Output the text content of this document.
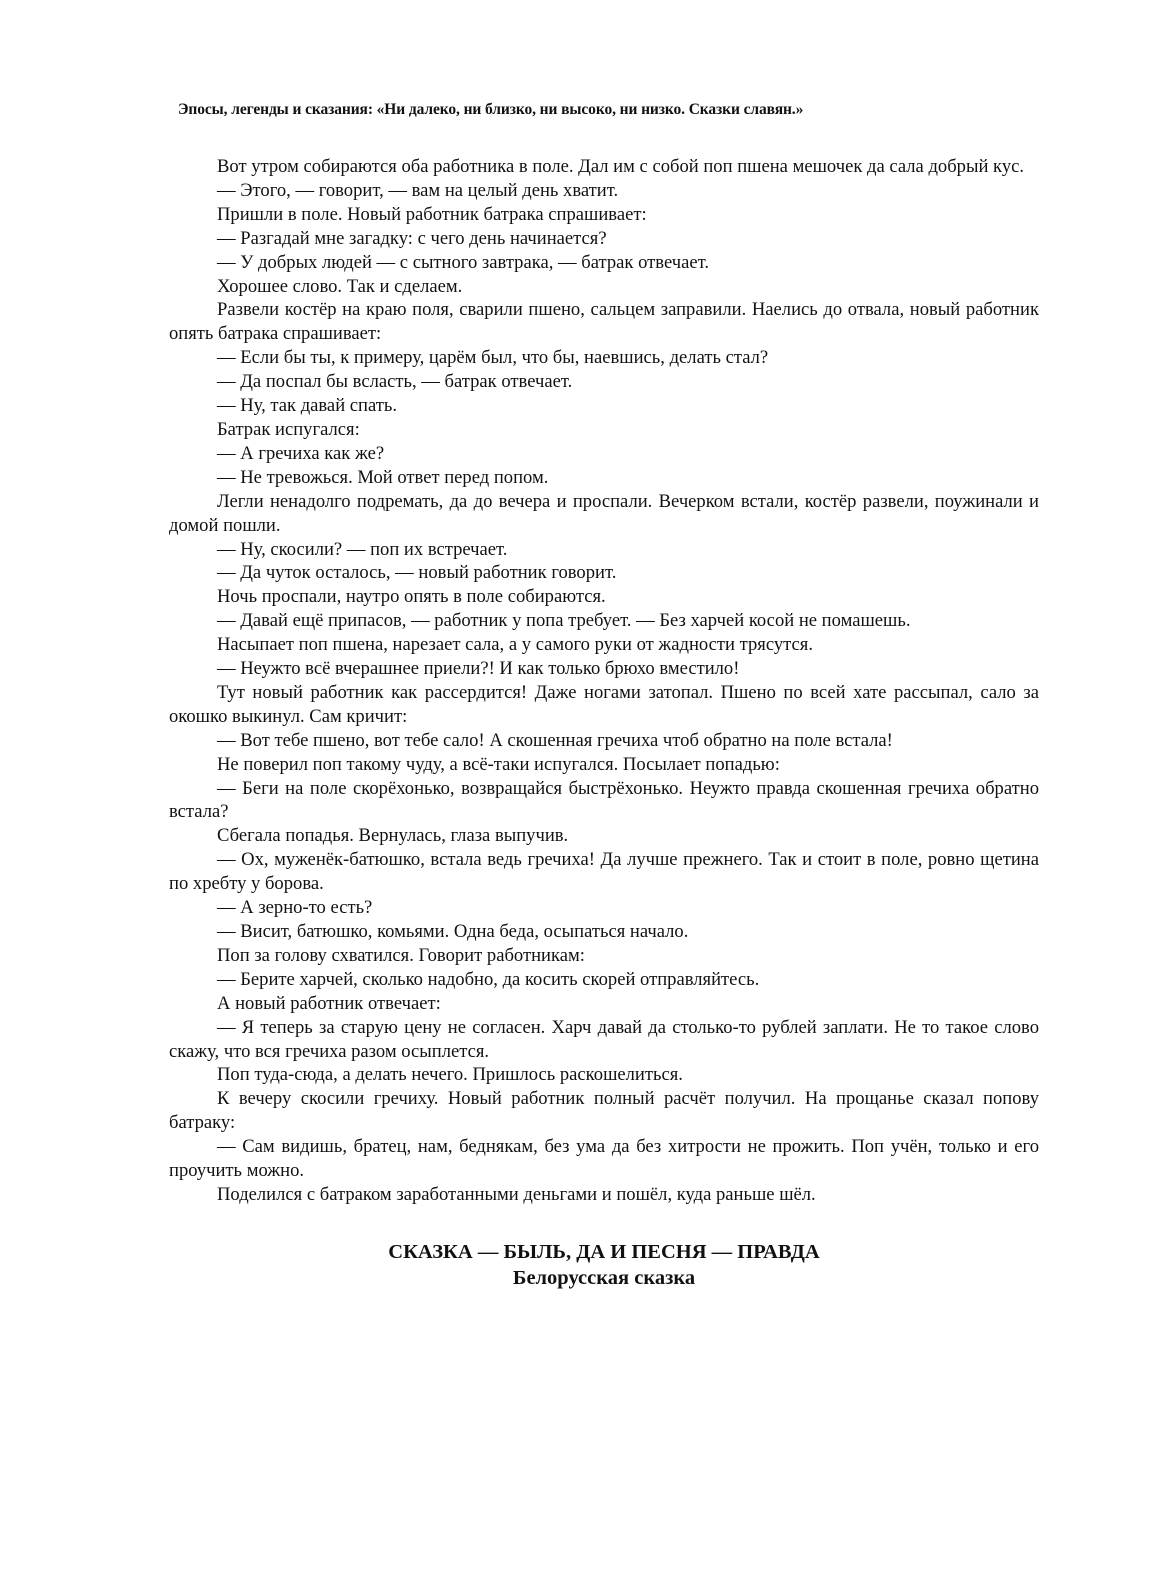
Эпосы, легенды и сказания: «Ни далеко, ни близко, ни высоко, ни низко. Сказки славян.»

Вот утром собираются оба работника в поле. Дал им с собой поп пшена мешочек да сала добрый кус.

— Этого, — говорит, — вам на целый день хватит.

Пришли в поле. Новый работник батрака спрашивает:

— Разгадай мне загадку: с чего день начинается?

— У добрых людей — с сытного завтрака, — батрак отвечает.

Хорошее слово. Так и сделаем.

Развели костёр на краю поля, сварили пшено, сальцем заправили. Наелись до отвала, новый работник опять батрака спрашивает:

— Если бы ты, к примеру, царём был, что бы, наевшись, делать стал?

— Да поспал бы всласть, — батрак отвечает.

— Ну, так давай спать.

Батрак испугался:

— А гречиха как же?

— Не тревожься. Мой ответ перед попом.

Легли ненадолго подремать, да до вечера и проспали. Вечерком встали, костёр развели, поужинали и домой пошли.

— Ну, скосили? — поп их встречает.

— Да чуток осталось, — новый работник говорит.

Ночь проспали, наутро опять в поле собираются.

— Давай ещё припасов, — работник у попа требует. — Без харчей косой не помашешь.

Насыпает поп пшена, нарезает сала, а у самого руки от жадности трясутся.

— Неужто всё вчерашнее приели?! И как только брюхо вместило!

Тут новый работник как рассердится! Даже ногами затопал. Пшено по всей хате рассыпал, сало за окошко выкинул. Сам кричит:

— Вот тебе пшено, вот тебе сало! А скошенная гречиха чтоб обратно на поле встала!

Не поверил поп такому чуду, а всё-таки испугался. Посылает попадью:

— Беги на поле скорёхонько, возвращайся быстрёхонько. Неужто правда скошенная гречиха обратно встала?

Сбегала попадья. Вернулась, глаза выпучив.

— Ох, муженёк-батюшко, встала ведь гречиха! Да лучше прежнего. Так и стоит в поле, ровно щетина по хребту у борова.

— А зерно-то есть?

— Висит, батюшко, комьями. Одна беда, осыпаться начало.

Поп за голову схватился. Говорит работникам:

— Берите харчей, сколько надобно, да косить скорей отправляйтесь.

А новый работник отвечает:

— Я теперь за старую цену не согласен. Харч давай да столько-то рублей заплати. Не то такое слово скажу, что вся гречиха разом осыплется.

Поп туда-сюда, а делать нечего. Пришлось раскошелиться.

К вечеру скосили гречиху. Новый работник полный расчёт получил. На прощанье сказал попову батраку:

— Сам видишь, братец, нам, беднякам, без ума да без хитрости не прожить. Поп учён, только и его проучить можно.

Поделился с батраком заработанными деньгами и пошёл, куда раньше шёл.

СКАЗКА — БЫЛЬ, ДА И ПЕСНЯ — ПРАВДА
Белорусская сказка
